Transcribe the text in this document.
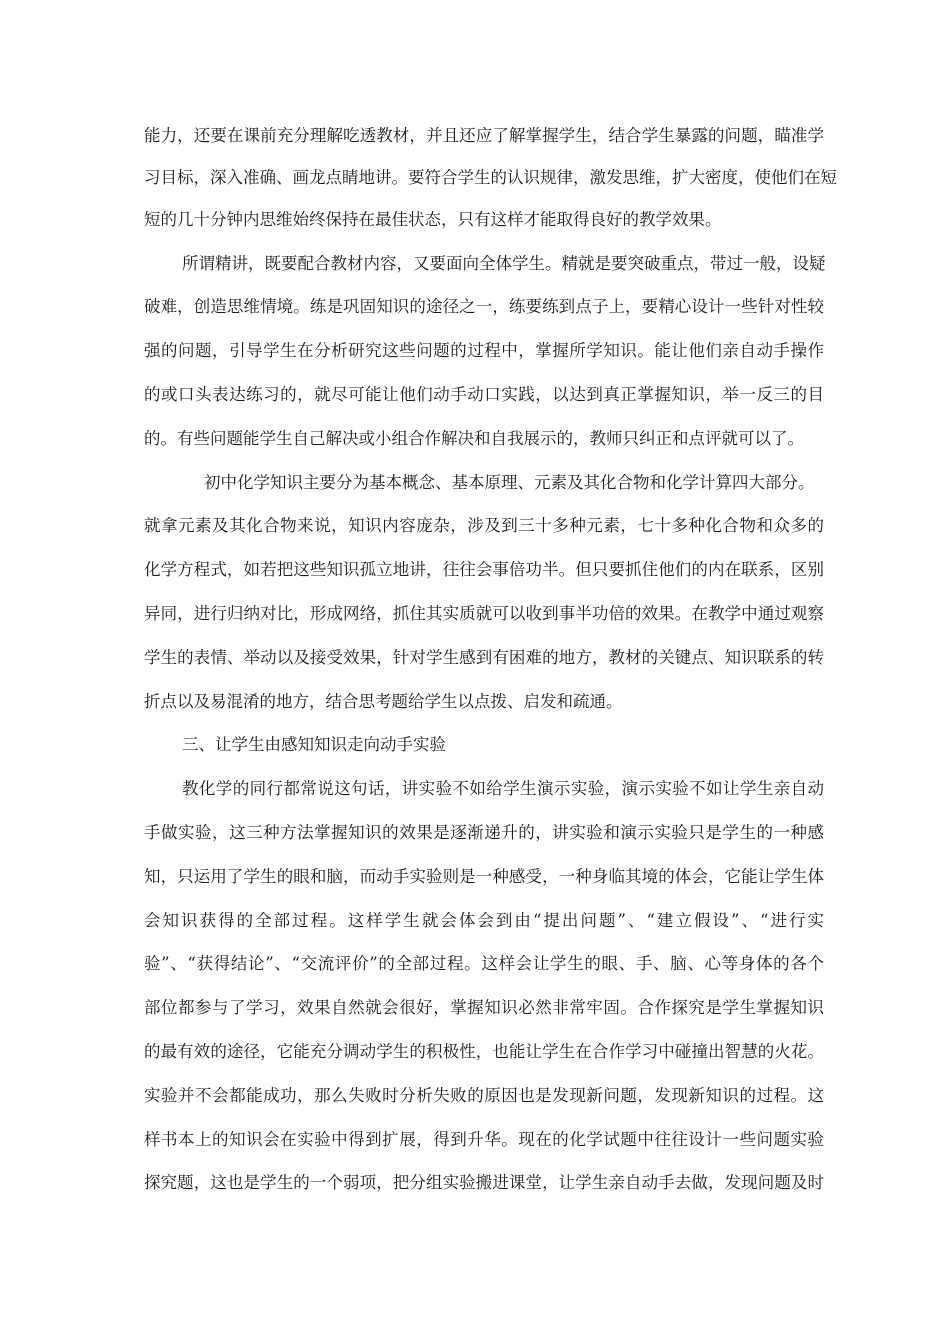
能力，还要在课前充分理解吃透教材，并且还应了解掌握学生，结合学生暴露的问题，瞄准学
习目标，深入准确、画龙点睛地讲。要符合学生的认识规律，激发思维，扩大密度，使他们在短
短的几十分钟内思维始终保持在最佳状态，只有这样才能取得良好的教学效果。
所谓精讲，既要配合教材内容，又要面向全体学生。精就是要突破重点，带过一般，设疑
破难，创造思维情境。练是巩固知识的途径之一，练要练到点子上，要精心设计一些针对性较
强的问题，引导学生在分析研究这些问题的过程中，掌握所学知识。能让他们亲自动手操作
的或口头表达练习的，就尽可能让他们动手动口实践，以达到真正掌握知识，举一反三的目
的。有些问题能学生自己解决或小组合作解决和自我展示的，教师只纠正和点评就可以了。
初中化学知识主要分为基本概念、基本原理、元素及其化合物和化学计算四大部分。
就拿元素及其化合物来说，知识内容庞杂，涉及到三十多种元素，七十多种化合物和众多的
化学方程式，如若把这些知识孤立地讲，往往会事倍功半。但只要抓住他们的内在联系，区别
异同，进行归纳对比，形成网络，抓住其实质就可以收到事半功倍的效果。在教学中通过观察
学生的表情、举动以及接受效果，针对学生感到有困难的地方，教材的关键点、知识联系的转
折点以及易混淆的地方，结合思考题给学生以点拨、启发和疏通。
三、让学生由感知知识走向动手实验
教化学的同行都常说这句话，讲实验不如给学生演示实验，演示实验不如让学生亲自动
手做实验，这三种方法掌握知识的效果是逐渐递升的，讲实验和演示实验只是学生的一种感
知，只运用了学生的眼和脑，而动手实验则是一种感受，一种身临其境的体会，它能让学生体
会知识获得的全部过程。这样学生就会体会到由“提出问题”、“建立假设”、“进行实
验”、“获得结论”、“交流评价”的全部过程。这样会让学生的眼、手、脑、心等身体的各个
部位都参与了学习，效果自然就会很好，掌握知识必然非常牢固。合作探究是学生掌握知识
的最有效的途径，它能充分调动学生的积极性，也能让学生在合作学习中碰撞出智慧的火花。
实验并不会都能成功，那么失败时分析失败的原因也是发现新问题，发现新知识的过程。这
样书本上的知识会在实验中得到扩展，得到升华。现在的化学试题中往往设计一些问题实验
探究题，这也是学生的一个弱项，把分组实验搬进课堂，让学生亲自动手去做，发现问题及时
